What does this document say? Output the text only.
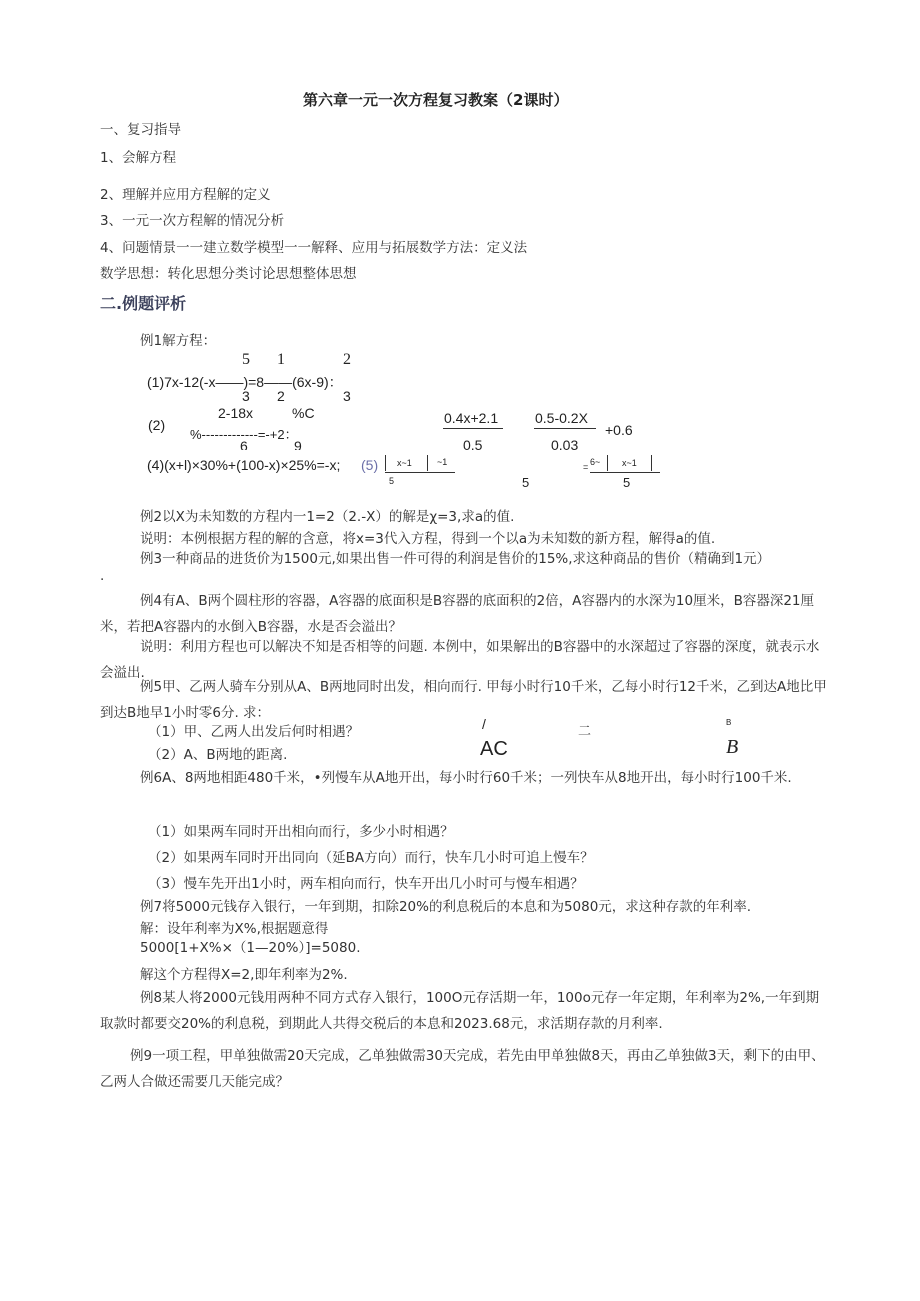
第六章一元一次方程复习教案（2课时）
一、复习指导
1、会解方程
2、理解并应用方程解的定义
3、一元一次方程解的情况分析
4、问题情景一一建立数学模型一一解释、应用与拓展数学方法：定义法
数学思想：转化思想分类讨论思想整体思想
二.例题评析
例1解方程：
5 1	2
(1)7x-12(-x——)=8——(6x-9)：
3 2	3
2-18x	%C
(2)
%-------------=-+2：
6	9
0.4x+2.1
0.5
0.5-0.2X
0.03
+0.6
(4)(x+l)×30%+(100-x)×25%=-x; (5) x~1	~1
5	5
= 6~ x~1
5
例2以X为未知数的方程内一1=2（2.-X）的解是χ=3,求a的值.
说明：本例根据方程的解的含意，将x=3代入方程，得到一个以a为未知数的新方程，解得a的值.
例3一种商品的进货价为1500元,如果出售一件可得的利润是售价的15%,求这种商品的售价（精确到1元）
.
例4有A、B两个圆柱形的容器，A容器的底面积是B容器的底面积的2倍，A容器内的水深为10厘米，B容器深21厘米，若把A容器内的水倒入B容器，水是否会溢出？
说明：利用方程也可以解决不知是否相等的问题. 本例中，如果解出的B容器中的水深超过了容器的深度，就表示水会溢出.
例5甲、乙两人骑车分别从A、B两地同时出发，相向而行. 甲每小时行10千米，乙每小时行12千米，乙到达A地比甲到达B地早1小时零6分. 求：
（1）甲、乙两人出发后何时相遇？
（2）A、B两地的距离.
/
AC
二
B
B
例6A、8两地相距480千米，•列慢车从A地开出，每小时行60千米；一列快车从8地开出，每小时行100千米.
（1）如果两车同时开出相向而行，多少小时相遇？
（2）如果两车同时开出同向（延BA方向）而行，快车几小时可追上慢车？
（3）慢车先开出1小时，两车相向而行，快车开出几小时可与慢车相遇？
例7将5000元钱存入银行，一年到期，扣除20%的利息税后的本息和为5080元，求这种存款的年利率.
解：设年利率为X%,根据题意得
5000[1+X%×（1—20%）]=5080.
解这个方程得X=2,即年利率为2%.
例8某人将2000元钱用两种不同方式存入银行，100O元存活期一年，100o元存一年定期，年利率为2%,一年到期取款时都要交20%的利息税，到期此人共得交税后的本息和2023.68元，求活期存款的月利率.
例9一项工程，甲单独做需20天完成，乙单独做需30天完成，若先由甲单独做8天，再由乙单独做3天，剩下的由甲、乙两人合做还需要几天能完成？
